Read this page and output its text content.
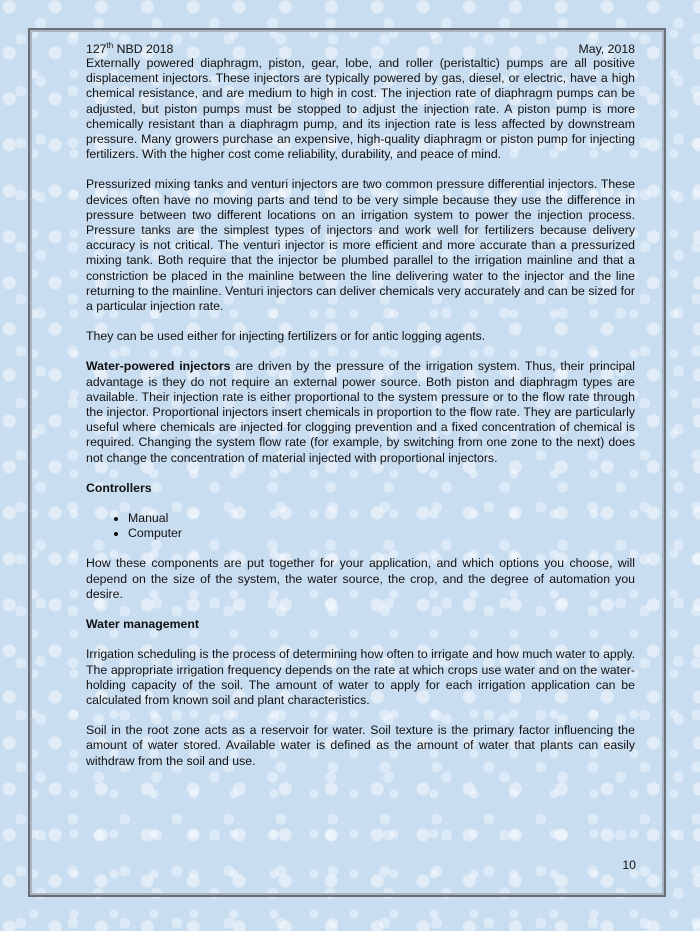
127th NBD 2018	May, 2018

Externally powered diaphragm, piston, gear, lobe, and roller (peristaltic) pumps are all positive displacement injectors. These injectors are typically powered by gas, diesel, or electric, have a high chemical resistance, and are medium to high in cost. The injection rate of diaphragm pumps can be adjusted, but piston pumps must be stopped to adjust the injection rate. A piston pump is more chemically resistant than a diaphragm pump, and its injection rate is less affected by downstream pressure. Many growers purchase an expensive, high-quality diaphragm or piston pump for injecting fertilizers. With the higher cost come reliability, durability, and peace of mind.

Pressurized mixing tanks and venturi injectors are two common pressure differential injectors. These devices often have no moving parts and tend to be very simple because they use the difference in pressure between two different locations on an irrigation system to power the injection process. Pressure tanks are the simplest types of injectors and work well for fertilizers because delivery accuracy is not critical. The venturi injector is more efficient and more accurate than a pressurized mixing tank. Both require that the injector be plumbed parallel to the irrigation mainline and that a constriction be placed in the mainline between the line delivering water to the injector and the line returning to the mainline. Venturi injectors can deliver chemicals very accurately and can be sized for a particular injection rate.

They can be used either for injecting fertilizers or for antic logging agents.

Water-powered injectors are driven by the pressure of the irrigation system. Thus, their principal advantage is they do not require an external power source. Both piston and diaphragm types are available. Their injection rate is either proportional to the system pressure or to the flow rate through the injector. Proportional injectors insert chemicals in proportion to the flow rate. They are particularly useful where chemicals are injected for clogging prevention and a fixed concentration of chemical is required. Changing the system flow rate (for example, by switching from one zone to the next) does not change the concentration of material injected with proportional injectors.

Controllers
• Manual
• Computer

How these components are put together for your application, and which options you choose, will depend on the size of the system, the water source, the crop, and the degree of automation you desire.

Water management

Irrigation scheduling is the process of determining how often to irrigate and how much water to apply. The appropriate irrigation frequency depends on the rate at which crops use water and on the water-holding capacity of the soil. The amount of water to apply for each irrigation application can be calculated from known soil and plant characteristics.

Soil in the root zone acts as a reservoir for water. Soil texture is the primary factor influencing the amount of water stored. Available water is defined as the amount of water that plants can easily withdraw from the soil and use.

10
